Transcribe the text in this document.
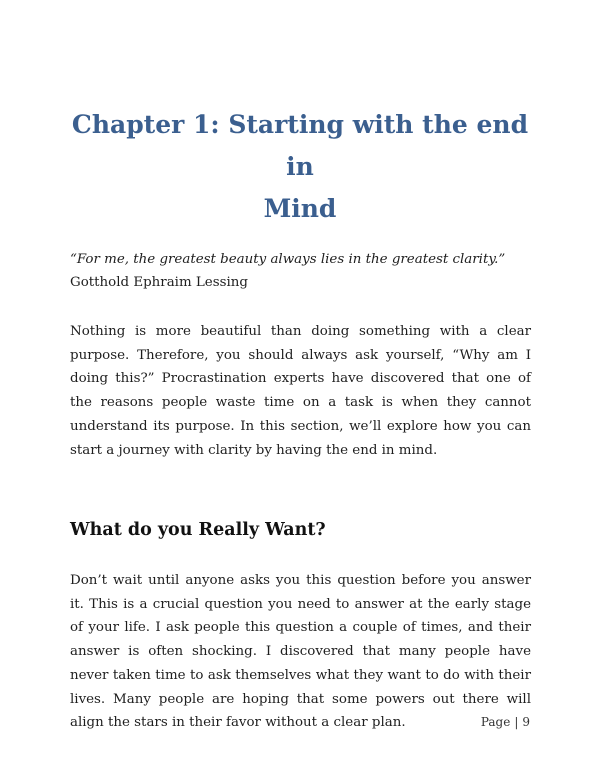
Chapter 1: Starting with the end in
Mind

“For me, the greatest beauty always lies in the greatest clarity.”

Gotthold Ephraim Lessing

Nothing is more beautiful than doing something with a clear purpose. Therefore, you should always ask yourself, “Why am I doing this?” Procrastination experts have discovered that one of the reasons people waste time on a task is when they cannot understand its purpose. In this section, we’ll explore how you can start a journey with clarity by having the end in mind.

What do you Really Want?

Don’t wait until anyone asks you this question before you answer it. This is a crucial question you need to answer at the early stage of your life. I ask people this question a couple of times, and their answer is often shocking. I discovered that many people have never taken time to ask themselves what they want to do with their lives. Many people are hoping that some powers out there will align the stars in their favor without a clear plan.	Page | 9
